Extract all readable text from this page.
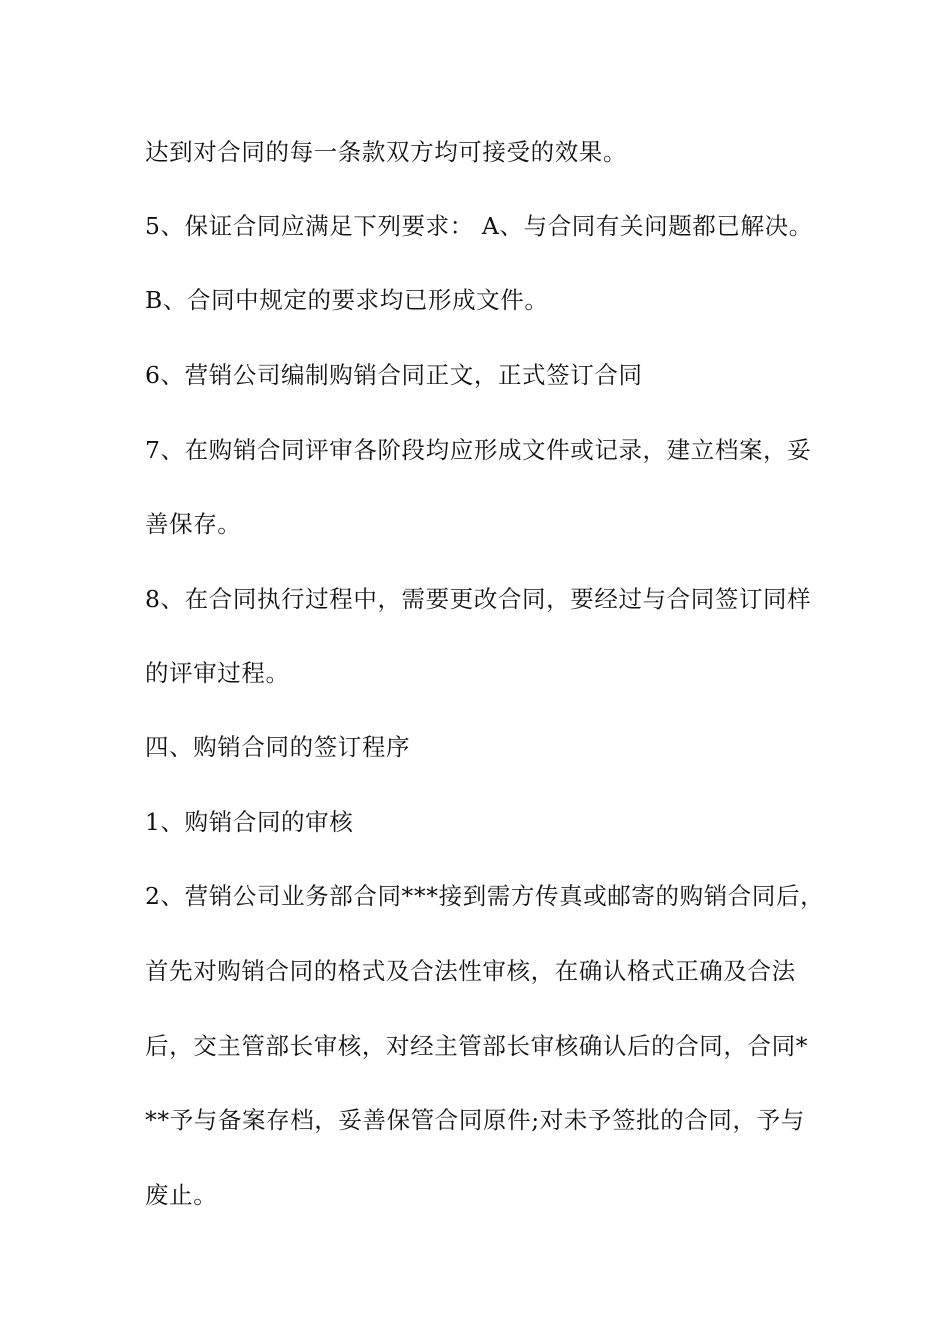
达到对合同的每一条款双方均可接受的效果。
5、保证合同应满足下列要求： A、与合同有关问题都已解决。
B、合同中规定的要求均已形成文件。
6、营销公司编制购销合同正文，正式签订合同
7、在购销合同评审各阶段均应形成文件或记录，建立档案，妥
善保存。
8、在合同执行过程中，需要更改合同，要经过与合同签订同样
的评审过程。
四、购销合同的签订程序
1、购销合同的审核
2、营销公司业务部合同***接到需方传真或邮寄的购销合同后，
首先对购销合同的格式及合法性审核，在确认格式正确及合法
后，交主管部长审核，对经主管部长审核确认后的合同，合同*
**予与备案存档，妥善保管合同原件;对未予签批的合同，予与
废止。
